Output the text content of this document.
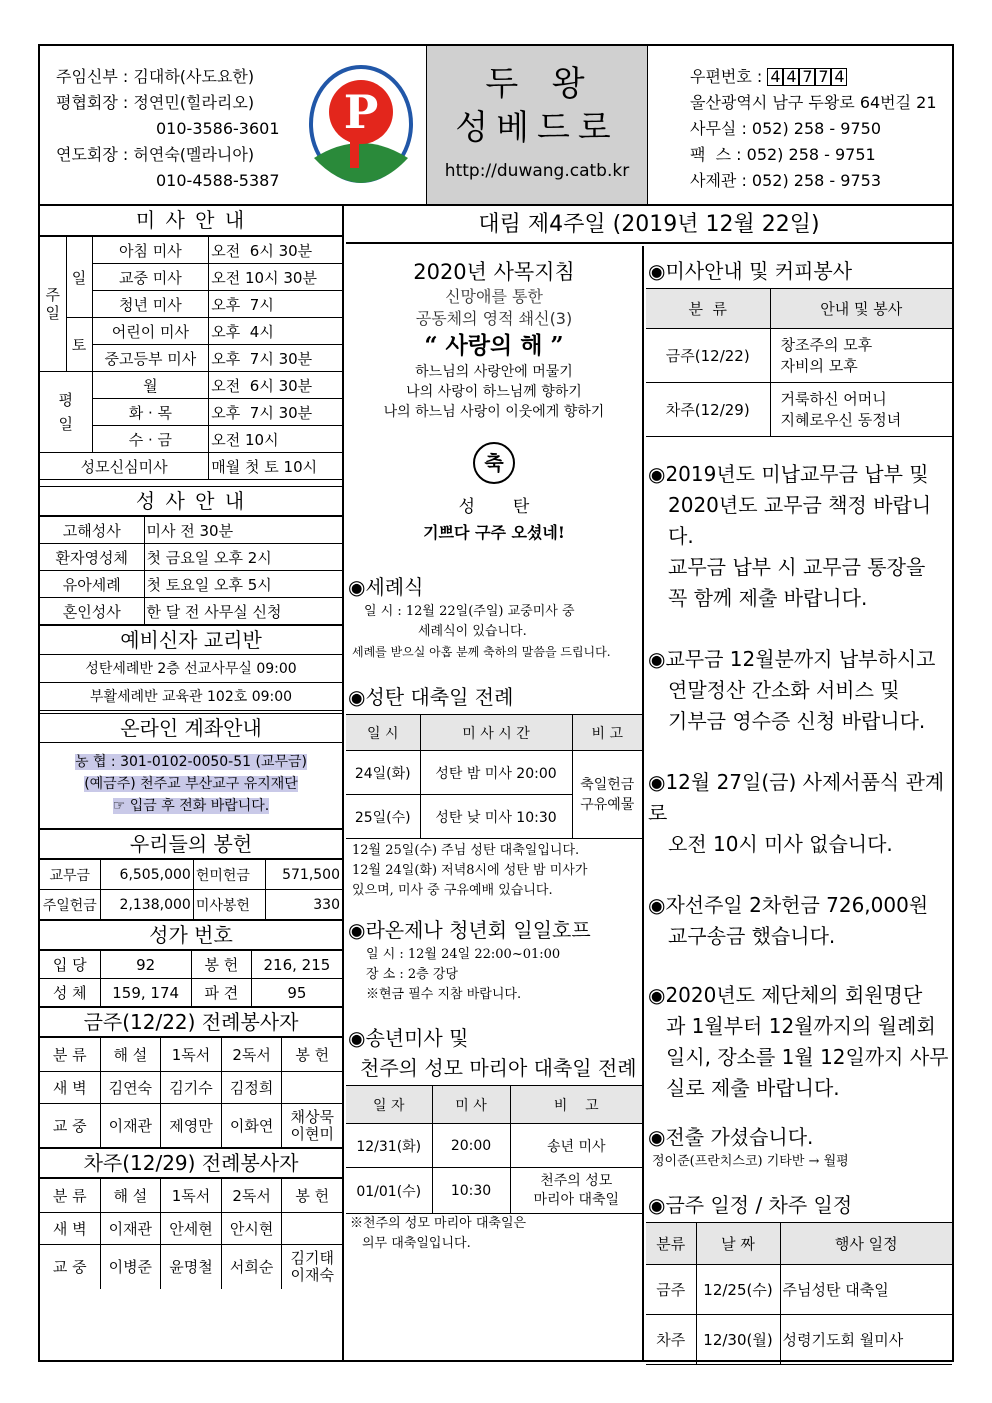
주임신부 : 김대하(사도요한)
평협회장 : 정연민(힐라리오)
010-3586-3601
연도회장 : 허연숙(멜라니아)
010-4588-5387
P
두  왕
성베드로
http://duwang.catb.kr
우편번호 : 4 4 7 7 4
울산광역시 남구 두왕로 64번길 21
사무실 : 052) 258 - 9750
팩  스 : 052) 258 - 9751
사제관 : 052) 258 - 9753
미 사 안 내
주
일	일	아침 미사	오전  6시 30분
		교중 미사	오전 10시 30분
		청년 미사	오후  7시
	토	어린이 미사	오후  4시
		중고등부 미사	오후  7시 30분
평
일		월	오전  6시 30분
		화 · 목	오후  7시 30분
		수 · 금	오전 10시
성모신심미사			매월 첫 토 10시
성 사 안 내
고해성사	미사 전 30분
환자영성체	첫 금요일 오후 2시
유아세례	첫 토요일 오후 5시
혼인성사	한 달 전 사무실 신청
예비신자 교리반
성탄세례반 2층 선교사무실 09:00
부활세례반 교육관 102호 09:00
온라인 계좌안내
농 협 : 301-0102-0050-51 (교무금)
(예금주) 천주교 부산교구 유지재단
☞ 입금 후 전화 바랍니다.
우리들의 봉헌
교무금	6,505,000	헌미헌금	571,500
주일헌금	2,138,000	미사봉헌	330
성가 번호
입 당	92	봉 헌	216, 215
성 체	159, 174	파 견	95
금주(12/22) 전례봉사자
분 류	해 설	1독서	2독서	봉 헌
새 벽	김연숙	김기수	김정희	
교 중	이재관	제영만	이화연	채상묵
이현미
차주(12/29) 전례봉사자
분 류	해 설	1독서	2독서	봉 헌
새 벽	이재관	안세현	안시현	
교 중	이병준	윤명철	서희순	김기태
이재숙
대림 제4주일 (2019년 12월 22일)
2020년 사목지침
신망애를 통한
공동체의 영적 쇄신(3)
“ 사랑의 해 ”
하느님의 사랑안에 머물기
나의 사랑이 하느님께 향하기
나의 하느님 사랑이 이웃에게 향하기
축
성       탄
기쁘다 구주 오셨네!
◉세례식
일 시 : 12월 22일(주일) 교중미사 중
세례식이 있습니다.
세례를 받으실 아홉 분께 축하의 말씀을 드립니다.
◉성탄 대축일 전례
일 시	미 사 시 간	비 고
24일(화)	성탄 밤 미사 20:00	축일헌금
구유예물
25일(수)	성탄 낮 미사 10:30	
12월 25일(수) 주님 성탄 대축일입니다.
12월 24일(화) 저녁8시에 성탄 밤 미사가
있으며, 미사 중 구유예배 있습니다.
◉라온제나 청년회 일일호프
일 시 : 12월 24일 22:00~01:00
장 소 : 2층 강당
※현금 필수 지참 바랍니다.
◉송년미사 및
천주의 성모 마리아 대축일 전례
일 자	미 사	비    고
12/31(화)	20:00	송년 미사
01/01(수)	10:30	천주의 성모
마리아 대축일
※천주의 성모 마리아 대축일은
의무 대축일입니다.
◉미사안내 및 커피봉사
분  류	안내 및 봉사
금주(12/22)	창조주의 모후
자비의 모후
차주(12/29)	거룩하신 어머니
지혜로우신 동정녀
◉2019년도 미납교무금 납부 및
2020년도 교무금 책정 바랍니다.
교무금 납부 시 교무금 통장을
꼭 함께 제출 바랍니다.
◉교무금 12월분까지 납부하시고
연말정산 간소화 서비스 및
기부금 영수증 신청 바랍니다.
◉12월 27일(금) 사제서품식 관계로
오전 10시 미사 없습니다.
◉자선주일 2차헌금 726,000원
교구송금 했습니다.
◉2020년도 제단체의 회원명단
과 1월부터 12월까지의 월례회
일시, 장소를 1월 12일까지 사무
실로 제출 바랍니다.
◉전출 가셨습니다.
정이준(프란치스코) 기타반 → 월평
◉금주 일정 / 차주 일정
분류	날 짜	행사 일정
금주	12/25(수)	주님성탄 대축일
차주	12/30(월)	성령기도회 월미사
